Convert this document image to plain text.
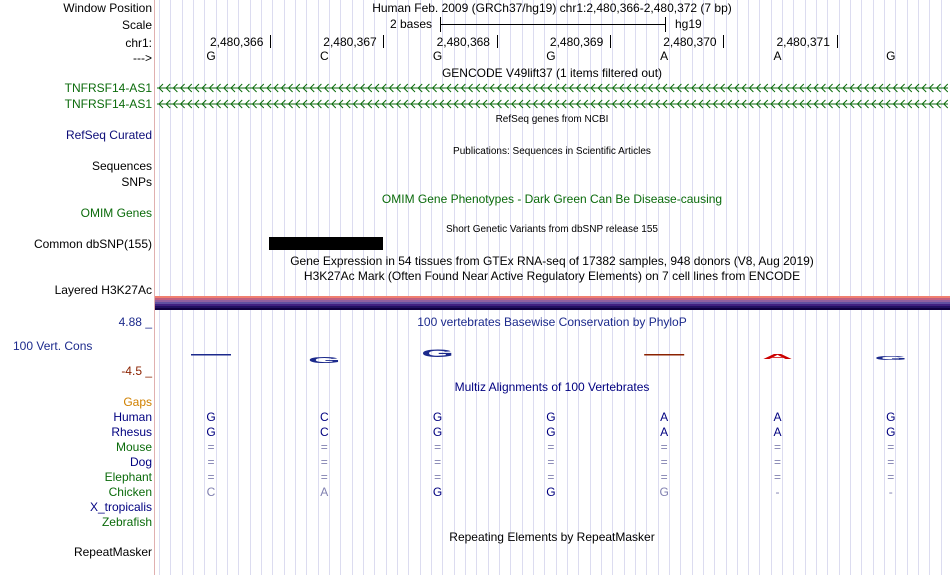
Window Position	Human Feb. 2009 (GRCh37/hg19) chr1:2,480,366-2,480,372 (7 bp)
Scale	2 bases	hg19
chr1:	2,480,366	2,480,367	2,480,368	2,480,369	2,480,370	2,480,371
--->	G	C	G	G	A	A	G
GENCODE V49lift37 (1 items filtered out)
TNFRSF14-AS1
TNFRSF14-AS1
RefSeq genes from NCBI
RefSeq Curated
Publications: Sequences in Scientific Articles
Sequences
SNPs
OMIM Gene Phenotypes - Dark Green Can Be Disease-causing
OMIM Genes
Short Genetic Variants from dbSNP release 155
Common dbSNP(155)
Gene Expression in 54 tissues from GTEx RNA-seq of 17382 samples, 948 donors (V8, Aug 2019)
H3K27Ac Mark (Often Found Near Active Regulatory Elements) on 7 cell lines from ENCODE
Layered H3K27Ac
4.88 _	100 vertebrates Basewise Conservation by PhyloP
100 Vert. Cons
G
G	A	G
-4.5 _
Multiz Alignments of 100 Vertebrates
Gaps
Human	G	C	G	G	A	A	G
Rhesus	G	C	G	G	A	A	G
Mouse	=	=	=	=	=	=	=
Dog	=	=	=	=	=	=	=
Elephant	=	=	=	=	=	=	=
Chicken	C	A	G	G	G	-	-
X_tropicalis
Zebrafish
Repeating Elements by RepeatMasker
RepeatMasker
